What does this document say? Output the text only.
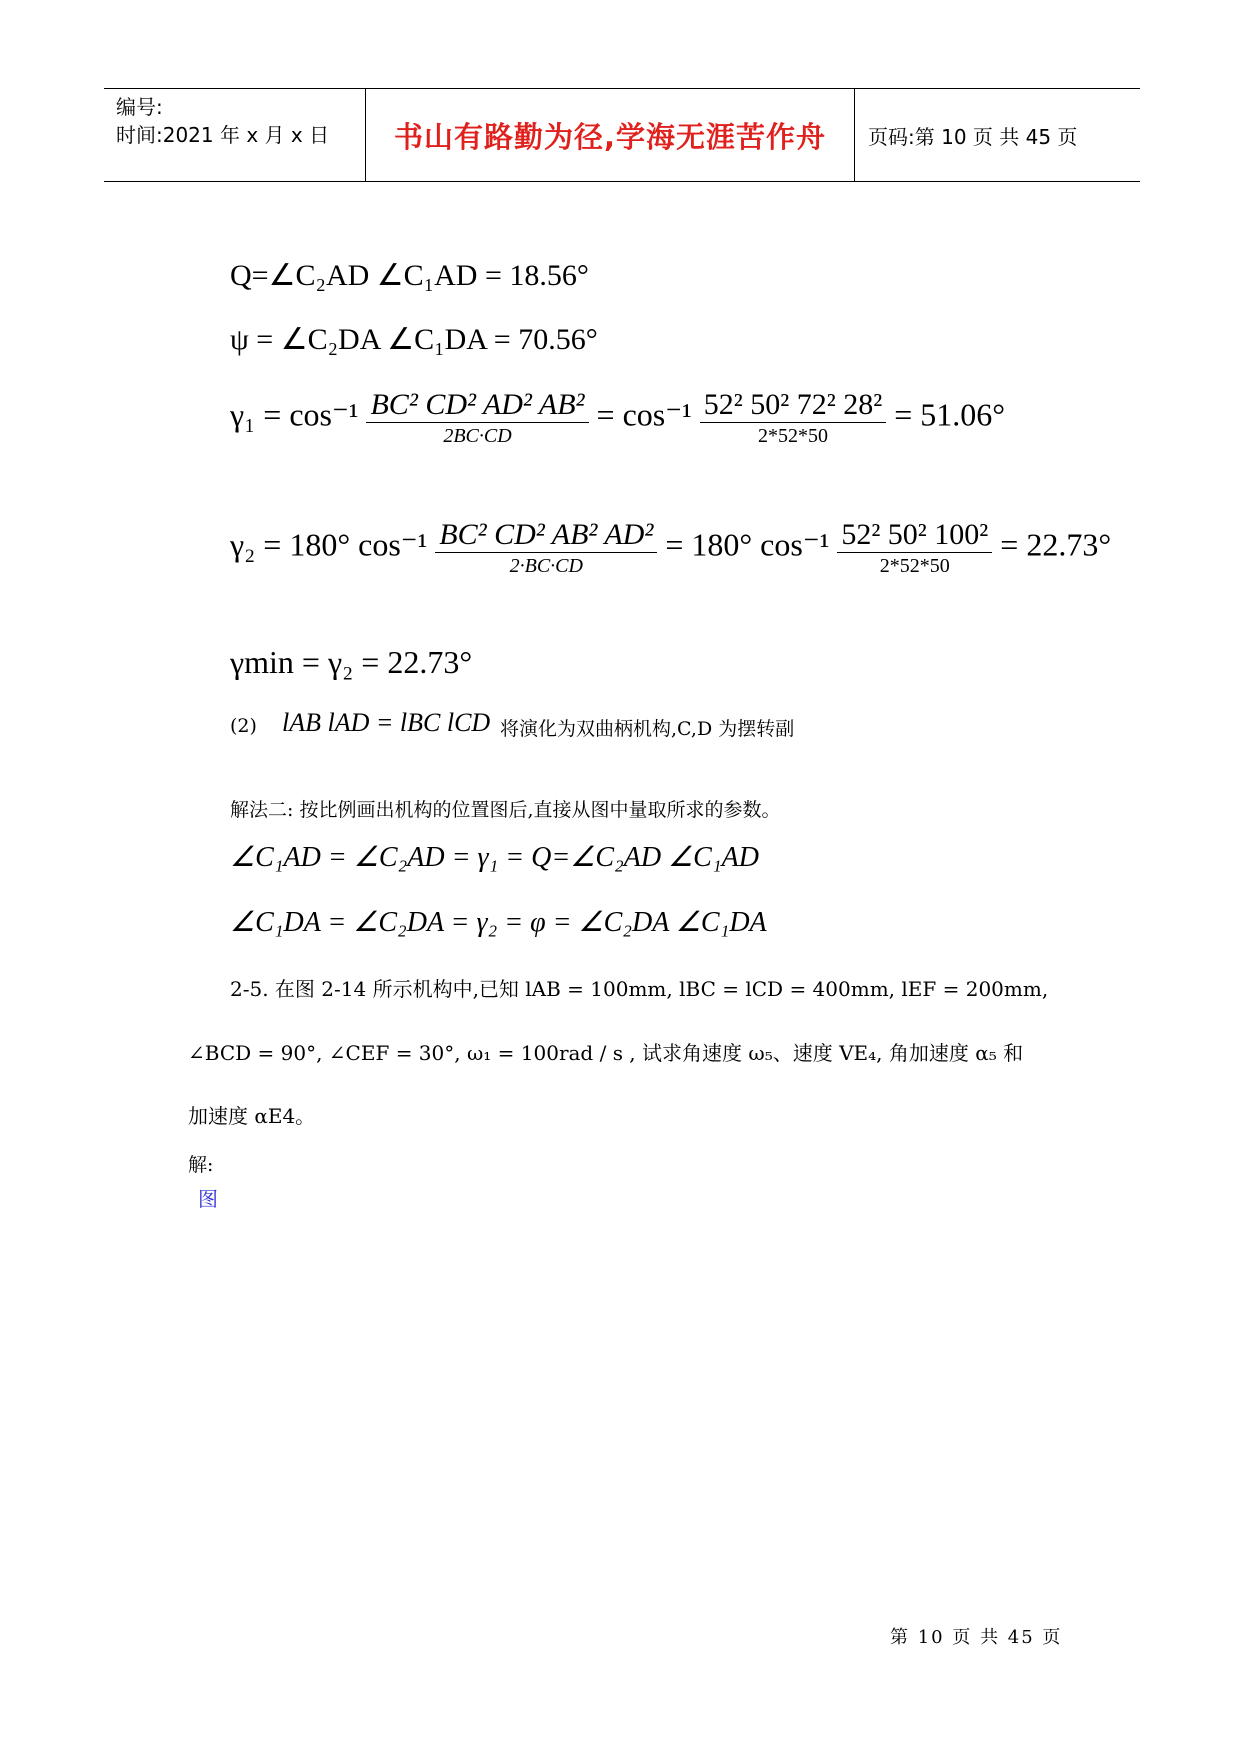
编号:
时间:2021 年 x 月 x 日	书山有路勤为径,学海无涯苦作舟	页码:第 10 页 共 45 页
Q=∠C₂AD ∠C₁AD = 18.56°
ψ = ∠C₂DA ∠C₁DA = 70.56°
$\gamma_1 = \cos^{-1} \frac{\text{BC² CD² AD² AB²}}{2BC\cdot CD} = \cos^{-1} \frac{\text{52² 50² 72² 28²}}{2*52*50} = 51.06^\circ$
γ₂ = 180° $\cos^{-1} \frac{\text{BC² CD² AB² AD²}}{2\cdot BC\cdot CD} = 180^\circ$ $\cos^{-1} \frac{\text{52² 50² 100²}}{2*52*50} = 22.73^\circ$
γmin = γ₂ = 22.73°
(2) lAB lAD = lBC lCD 将演化为双曲柄机构,C,D 为摆转副
解法二: 按比例画出机构的位置图后,直接从图中量取所求的参数。
∠C₁AD = ∠C₂AD = γ₁ = Q=∠C₂AD ∠C₁AD
∠C₁DA = ∠C₂DA = γ₂ = φ = ∠C₂DA ∠C₁DA
2-5. 在图 2-14 所示机构中,已知 lAB = 100mm, lBC = lCD = 400mm, lEF = 200mm,
∠BCD = 90°, ∠CEF = 30°, ω₁ = 100rad / s , 试求角速度 ω₅、速度 VE₄, 角加速度 α₅ 和
加速度 αE4。
解:
图
第 10 页 共 45 页
